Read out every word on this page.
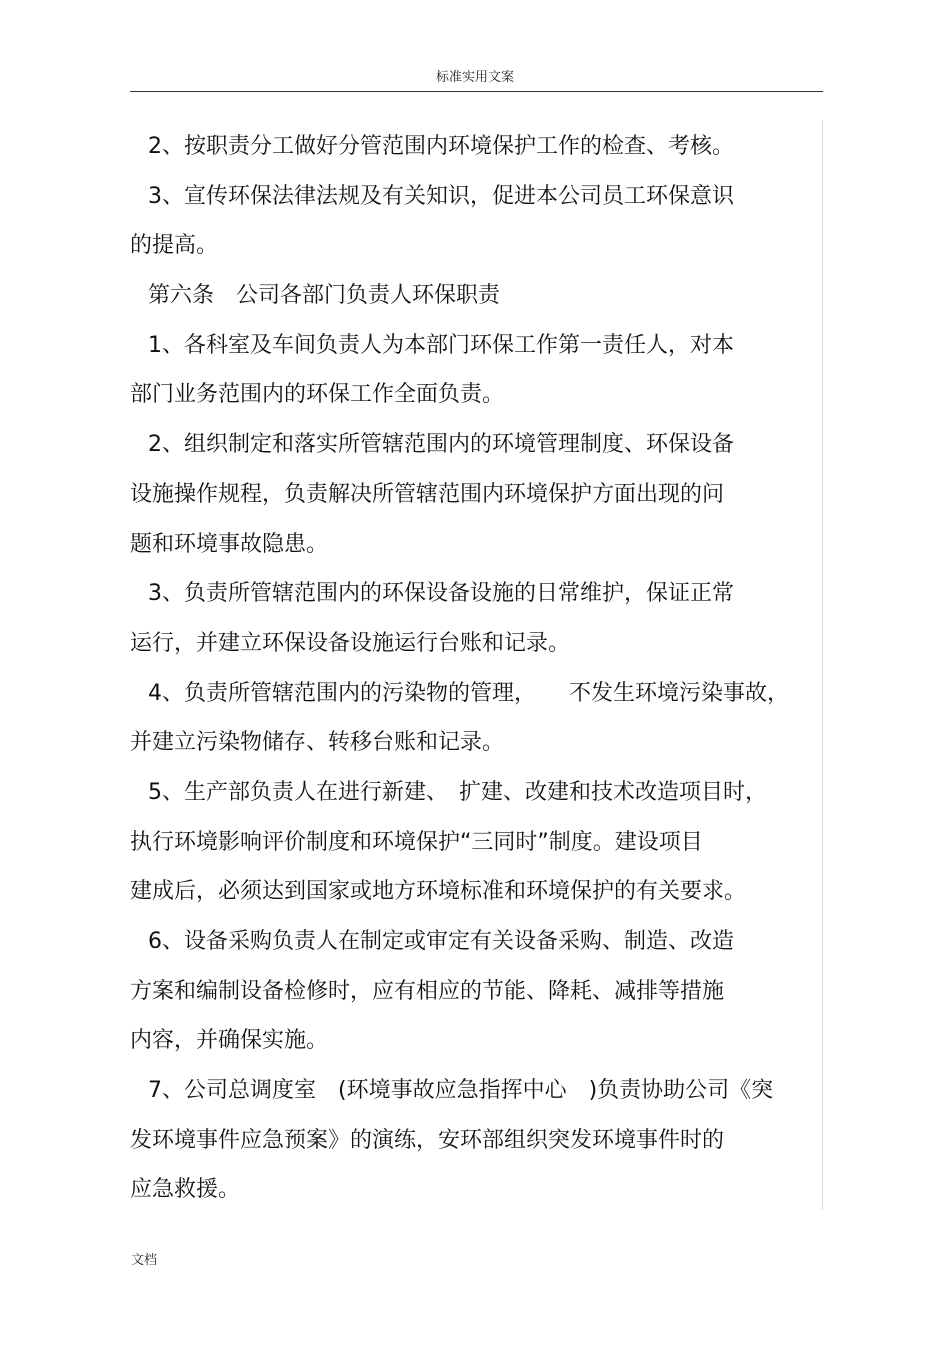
标准实用文案
2、按职责分工做好分管范围内环境保护工作的检查、考核。
3、宣传环保法律法规及有关知识，促进本公司员工环保意识
的提高。
第六条　公司各部门负责人环保职责
1、各科室及车间负责人为本部门环保工作第一责任人，对本
部门业务范围内的环保工作全面负责。
2、组织制定和落实所管辖范围内的环境管理制度、环保设备
设施操作规程，负责解决所管辖范围内环境保护方面出现的问
题和环境事故隐患。
3、负责所管辖范围内的环保设备设施的日常维护，保证正常
运行，并建立环保设备设施运行台账和记录。
4、负责所管辖范围内的污染物的管理，　　不发生环境污染事故，
并建立污染物储存、转移台账和记录。
5、生产部负责人在进行新建、　扩建、改建和技术改造项目时，
执行环境影响评价制度和环境保护“三同时”制度。建设项目
建成后，必须达到国家或地方环境标准和环境保护的有关要求。
6、设备采购负责人在制定或审定有关设备采购、制造、改造
方案和编制设备检修时，应有相应的节能、降耗、减排等措施
内容，并确保实施。
7、公司总调度室　(环境事故应急指挥中心　)负责协助公司《突
发环境事件应急预案》的演练，安环部组织突发环境事件时的
应急救援。
文档
